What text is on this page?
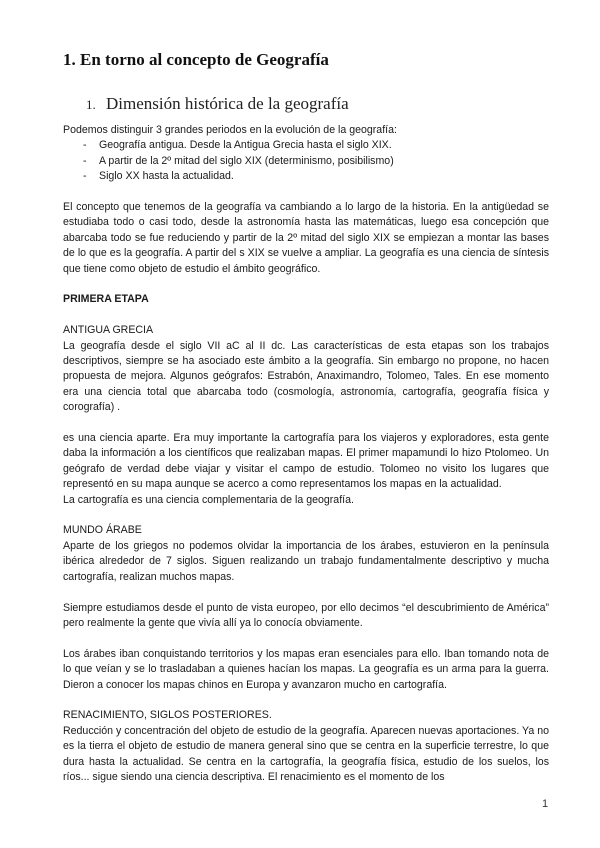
1. En torno al concepto de Geografía
1. Dimensión histórica de la geografía

Podemos distinguir 3 grandes periodos en la evolución de la geografía:

- Geografía antigua. Desde la Antigua Grecia hasta el siglo XIX.
- A partir de la 2º mitad del siglo XIX (determinismo, posibilismo)
- Siglo XX hasta la actualidad.

El concepto que tenemos de la geografía va cambiando a lo largo de la historia. En la antigüedad se estudiaba todo o casi todo, desde la astronomía hasta las matemáticas, luego esa concepción que abarcaba todo se fue reduciendo y partir de la 2º mitad del siglo XIX se empiezan a montar las bases de lo que es la geografía. A partir del s XIX se vuelve a ampliar. La geografía es una ciencia de síntesis que tiene como objeto de estudio el ámbito geográfico.

PRIMERA ETAPA

ANTIGUA GRECIA

La geografía desde el siglo VII aC al II dc. Las características de esta etapas son los trabajos descriptivos, siempre se ha asociado este ámbito a la geografía. Sin embargo no propone, no hacen propuesta de mejora. Algunos geógrafos: Estrabón, Anaximandro, Tolomeo, Tales. En ese momento era una ciencia total que abarcaba todo (cosmología, astronomía, cartografía, geografía física y corografía) .

es una ciencia aparte. Era muy importante la cartografía para los viajeros y exploradores, esta gente daba la información a los científicos que realizaban mapas. El primer mapamundi lo hizo Ptolomeo. Un geógrafo de verdad debe viajar y visitar el campo de estudio. Tolomeo no visito los lugares que representó en su mapa aunque se acerco a como representamos los mapas en la actualidad.

La cartografía es una ciencia complementaria de la geografía.

MUNDO ÁRABE

Aparte de los griegos no podemos olvidar la importancia de los árabes, estuvieron en la península ibérica alrededor de 7 siglos. Siguen realizando un trabajo fundamentalmente descriptivo y mucha cartografía, realizan muchos mapas.

Siempre estudiamos desde el punto de vista europeo, por ello decimos “el descubrimiento de América” pero realmente la gente que vivía allí ya lo conocía obviamente.

Los árabes iban conquistando territorios y los mapas eran esenciales para ello. Iban tomando nota de lo que veían y se lo trasladaban a quienes hacían los mapas. La geografía es un arma para la guerra. Dieron a conocer los mapas chinos en Europa y avanzaron mucho en cartografía.

RENACIMIENTO, SIGLOS POSTERIORES.

Reducción y concentración del objeto de estudio de la geografía. Aparecen nuevas aportaciones. Ya no es la tierra el objeto de estudio de manera general sino que se centra en la superficie terrestre, lo que dura hasta la actualidad. Se centra en la cartografía, la geografía física, estudio de los suelos, los ríos... sigue siendo una ciencia descriptiva. El renacimiento es el momento de los

1
